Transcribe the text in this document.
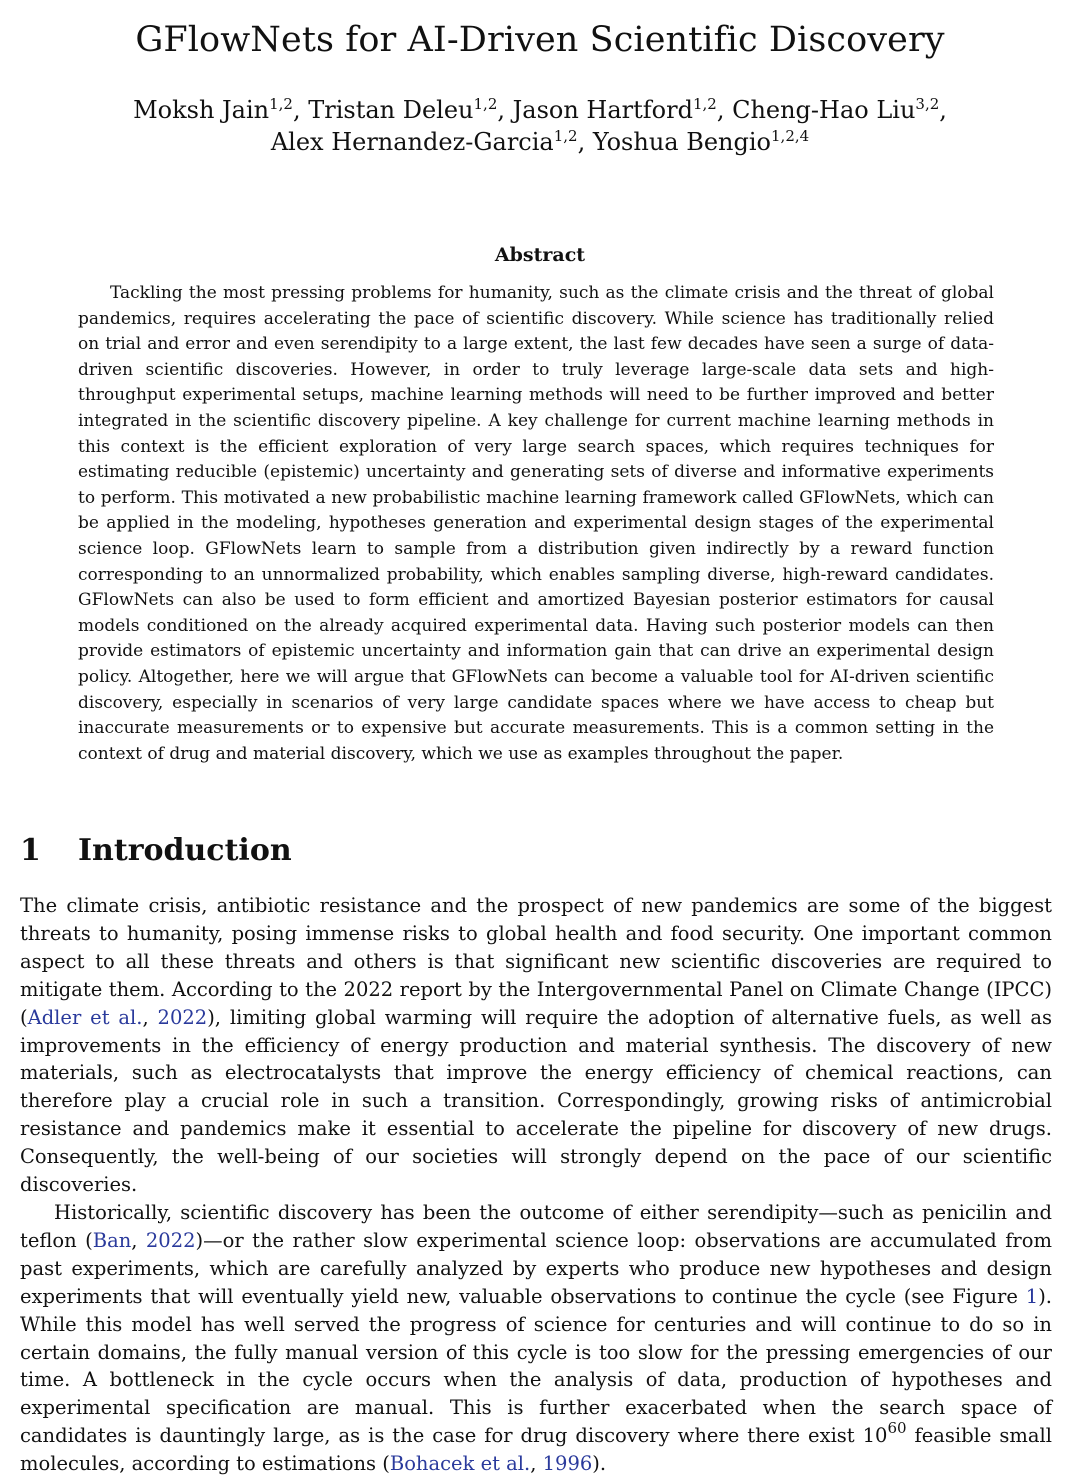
GFlowNets for AI-Driven Scientific Discovery
Moksh Jain$^{1,2}$, Tristan Deleu$^{1,2}$, Jason Hartford$^{1,2}$, Cheng-Hao Liu$^{3,2}$,
Alex Hernandez-Garcia$^{1,2}$, Yoshua Bengio$^{1,2,4}$
Abstract

Tackling the most pressing problems for humanity, such as the climate crisis and the threat of global pandemics, requires accelerating the pace of scientific discovery. While science has traditionally relied on trial and error and even serendipity to a large extent, the last few decades have seen a surge of data-driven scientific discoveries. However, in order to truly leverage large-scale data sets and high-throughput experimental setups, machine learning methods will need to be further improved and better integrated in the scientific discovery pipeline. A key challenge for current machine learning methods in this context is the efficient exploration of very large search spaces, which requires techniques for estimating reducible (epistemic) uncertainty and generating sets of diverse and informative experiments to perform. This motivated a new probabilistic machine learning framework called GFlowNets, which can be applied in the modeling, hypotheses generation and experimental design stages of the experimental science loop. GFlowNets learn to sample from a distribution given indirectly by a reward function corresponding to an unnormalized probability, which enables sampling diverse, high-reward candidates. GFlowNets can also be used to form efficient and amortized Bayesian posterior estimators for causal models conditioned on the already acquired experimental data. Having such posterior models can then provide estimators of epistemic uncertainty and information gain that can drive an experimental design policy. Altogether, here we will argue that GFlowNets can become a valuable tool for AI-driven scientific discovery, especially in scenarios of very large candidate spaces where we have access to cheap but inaccurate measurements or to expensive but accurate measurements. This is a common setting in the context of drug and material discovery, which we use as examples throughout the paper.

1 Introduction

The climate crisis, antibiotic resistance and the prospect of new pandemics are some of the biggest threats to humanity, posing immense risks to global health and food security. One important common aspect to all these threats and others is that significant new scientific discoveries are required to mitigate them. According to the 2022 report by the Intergovernmental Panel on Climate Change (IPCC) (Adler et al., 2022), limiting global warming will require the adoption of alternative fuels, as well as improvements in the efficiency of energy production and material synthesis. The discovery of new materials, such as electrocatalysts that improve the energy efficiency of chemical reactions, can therefore play a crucial role in such a transition. Correspondingly, growing risks of antimicrobial resistance and pandemics make it essential to accelerate the pipeline for discovery of new drugs. Consequently, the well-being of our societies will strongly depend on the pace of our scientific discoveries.

Historically, scientific discovery has been the outcome of either serendipity—such as penicilin and teflon (Ban, 2022)—or the rather slow experimental science loop: observations are accumulated from past experiments, which are carefully analyzed by experts who produce new hypotheses and design experiments that will eventually yield new, valuable observations to continue the cycle (see Figure 1). While this model has well served the progress of science for centuries and will continue to do so in certain domains, the fully manual version of this cycle is too slow for the pressing emergencies of our time. A bottleneck in the cycle occurs when the analysis of data, production of hypotheses and experimental specification are manual. This is further exacerbated when the search space of candidates is dauntingly large, as is the case for drug discovery where there exist $10^{60}$ feasible small molecules, according to estimations (Bohacek et al., 1996).
